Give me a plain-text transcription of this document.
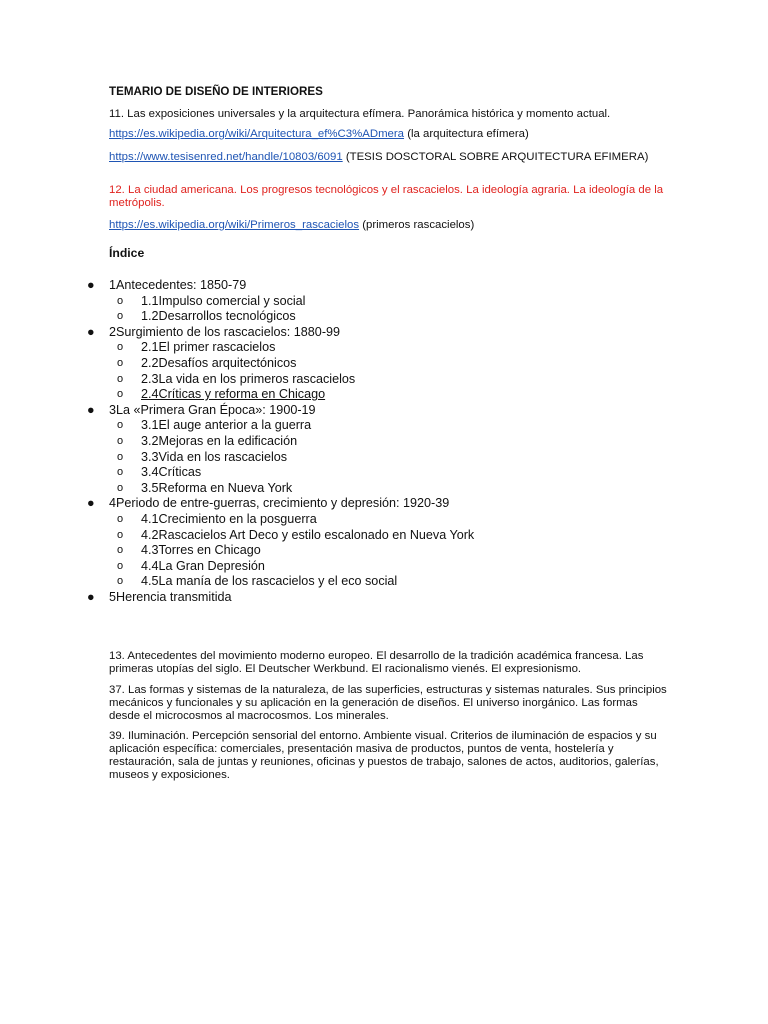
TEMARIO DE DISEÑO DE INTERIORES
11. Las exposiciones universales y la arquitectura efímera. Panorámica histórica y momento actual.
https://es.wikipedia.org/wiki/Arquitectura_ef%C3%ADmera (la arquitectura efímera)
https://www.tesisenred.net/handle/10803/6091 (TESIS DOSCTORAL SOBRE ARQUITECTURA EFIMERA)
12. La ciudad americana. Los progresos tecnológicos y el rascacielos. La ideología agraria. La ideología de la metrópolis.
https://es.wikipedia.org/wiki/Primeros_rascacielos (primeros rascacielos)
Índice
● 1Antecedentes: 1850-79
o 1.1Impulso comercial y social
o 1.2Desarrollos tecnológicos
● 2Surgimiento de los rascacielos: 1880-99
o 2.1El primer rascacielos
o 2.2Desafíos arquitectónicos
o 2.3La vida en los primeros rascacielos
o 2.4Críticas y reforma en Chicago
● 3La «Primera Gran Época»: 1900-19
o 3.1El auge anterior a la guerra
o 3.2Mejoras en la edificación
o 3.3Vida en los rascacielos
o 3.4Críticas
o 3.5Reforma en Nueva York
● 4Periodo de entre-guerras, crecimiento y depresión: 1920-39
o 4.1Crecimiento en la posguerra
o 4.2Rascacielos Art Deco y estilo escalonado en Nueva York
o 4.3Torres en Chicago
o 4.4La Gran Depresión
o 4.5La manía de los rascacielos y el eco social
● 5Herencia transmitida
13. Antecedentes del movimiento moderno europeo. El desarrollo de la tradición académica francesa. Las primeras utopías del siglo. El Deutscher Werkbund. El racionalismo vienés. El expresionismo.
37. Las formas y sistemas de la naturaleza, de las superficies, estructuras y sistemas naturales. Sus principios mecánicos y funcionales y su aplicación en la generación de diseños. El universo inorgánico. Las formas desde el microcosmos al macrocosmos. Los minerales.
39. Iluminación. Percepción sensorial del entorno. Ambiente visual. Criterios de iluminación de espacios y su aplicación específica: comerciales, presentación masiva de productos, puntos de venta, hostelería y restauración, sala de juntas y reuniones, oficinas y puestos de trabajo, salones de actos, auditorios, galerías, museos y exposiciones.
